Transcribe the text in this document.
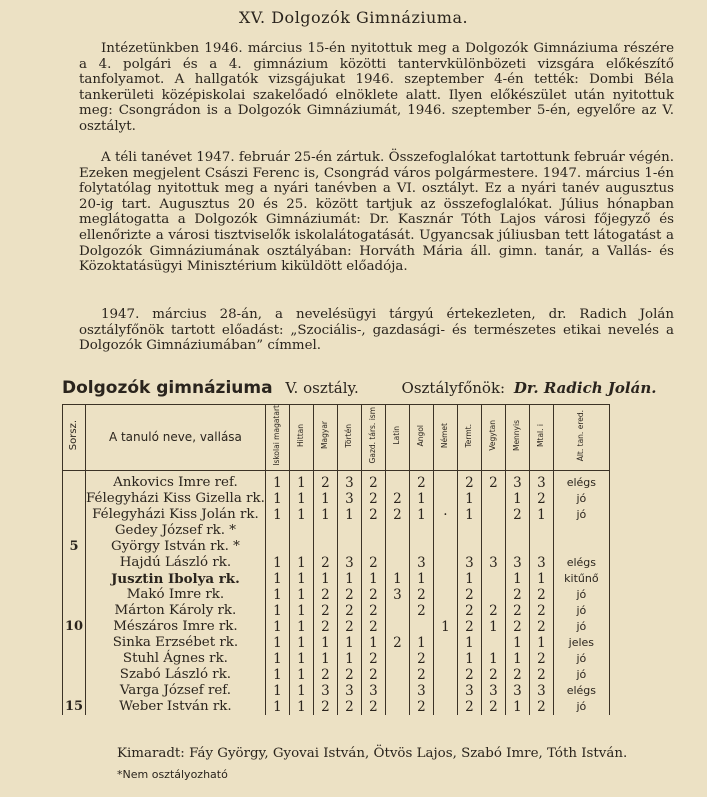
XV. Dolgozók Gimnáziuma.

Intézetünkben 1946. március 15-én nyitottuk meg a Dolgozók Gimnáziuma részére a 4. polgári és a 4. gimnázium közötti tantervkülönbözeti vizsgára előkészítő tanfolyamot. A hallgatók vizsgájukat 1946. szeptember 4-én tették: Dombi Béla tankerületi középiskolai szakelőadó elnöklete alatt. Ilyen előkészület után nyitottuk meg: Csongrádon is a Dolgozók Gimnáziumát, 1946. szeptember 5-én, egyelőre az V. osztályt.

A téli tanévet 1947. február 25-én zártuk. Összefoglalókat tartottunk február végén. Ezeken megjelent Császi Ferenc is, Csongrád város polgármestere. 1947. március 1-én folytatólag nyitottuk meg a nyári tanévben a VI. osztályt. Ez a nyári tanév augusztus 20-ig tart. Augusztus 20 és 25. között tartjuk az összefoglalókat. Július hónapban meglátogatta a Dolgozók Gimnáziumát: Dr. Kasznár Tóth Lajos városi főjegyző és ellenőrizte a városi tisztviselők iskolalátogatását. Ugyancsak júliusban tett látogatást a Dolgozók Gimnáziumának osztályában: Horváth Mária áll. gimn. tanár, a Vallás- és Közoktatásügyi Minisztérium kiküldött előadója.

1947. március 28-án, a nevelésügyi tárgyú értekezleten, dr. Radich Jolán osztályfőnök tartott előadást: „Szociális-, gazdasági- és természetes etikai nevelés a Dolgozók Gimnáziumában” címmel.

Dolgozók gimnáziuma V. osztály.	Osztályfőnök: Dr. Radich Jolán.
Sorsz.	A tanuló neve, vallása	Iskolai magatart	Hittan	Magyar	Történ	Gazd. társ. ism	Latin	Angol	Német	Termt.	Vegytan	Mennyis	Mtal. i	Ált. tan. ered.
	Ankovics Imre ref.	1	1	2	3	2		2		2	2	3	3	elégs
	Félegyházi Kiss Gizella rk.	1	1	1	3	2	2	1		1		1	2	jó
	Félegyházi Kiss Jolán rk.	1	1	1	1	2	2	1	·	1		2	1	jó
	Gedey József rk. *													
5	György István rk. *													
	Hajdú László rk.	1	1	2	3	2		3		3	3	3	3	elégs
	Jusztin Ibolya rk.	1	1	1	1	1	1	1		1		1	1	kitűnő
	Makó Imre rk.	1	1	2	2	2	3	2		2		2	2	jó
	Márton Károly rk.	1	1	2	2	2		2		2	2	2	2	jó
10	Mészáros Imre rk.	1	1	2	2	2			1	2	1	2	2	jó
	Sinka Erzsébet rk.	1	1	1	1	1	2	1		1		1	1	jeles
	Stuhl Ágnes rk.	1	1	1	1	2		2		1	1	1	2	jó
	Szabó László rk.	1	1	2	2	2		2		2	2	2	2	jó
	Varga József ref.	1	1	3	3	3		3		3	3	3	3	elégs
15	Weber István rk.	1	1	2	2	2		2		2	2	1	2	jó
Kimaradt: Fáy György, Gyovai István, Ötvös Lajos, Szabó Imre, Tóth István.
*Nem osztályozható
